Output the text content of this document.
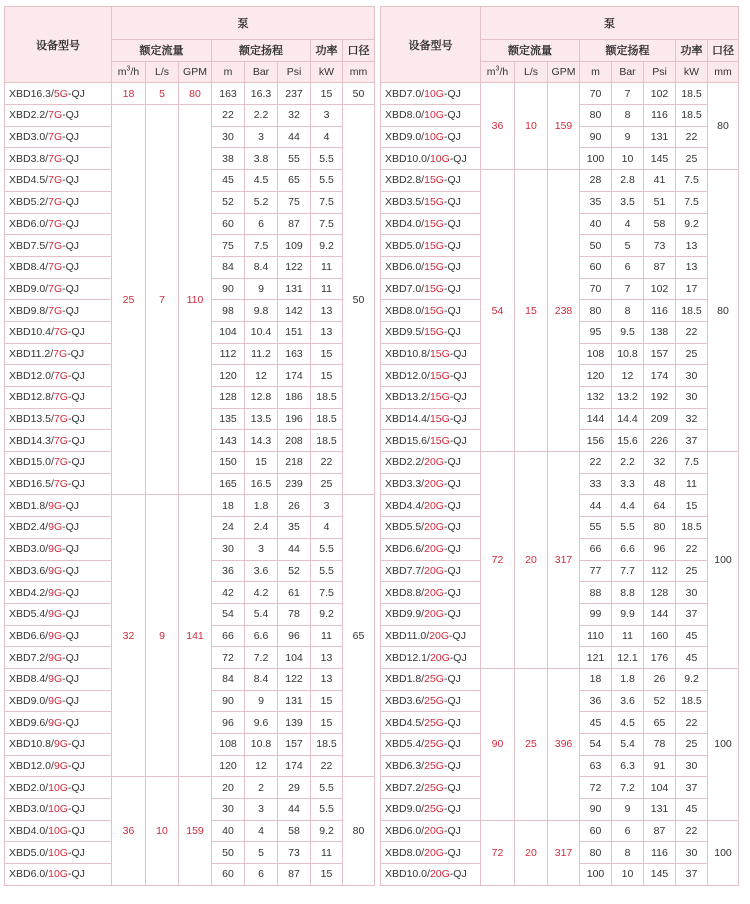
设备型号	泵							
	额定流量			额定扬程			功率	口径
	$m^3/h$	L/s	GPM	m	Bar	Psi	kW	mm
XBD16.3/5G-QJ	18	5	80	163	16.3	237	15	50
XBD2.2/7G-QJ	25	7	110	22	2.2	32	3	50
XBD3.0/7G-QJ				30	3	44	4	
XBD3.8/7G-QJ				38	3.8	55	5.5	
XBD4.5/7G-QJ				45	4.5	65	5.5	
XBD5.2/7G-QJ				52	5.2	75	7.5	
XBD6.0/7G-QJ				60	6	87	7.5	
XBD7.5/7G-QJ				75	7.5	109	9.2	
XBD8.4/7G-QJ				84	8.4	122	11	
XBD9.0/7G-QJ				90	9	131	11	
XBD9.8/7G-QJ				98	9.8	142	13	
XBD10.4/7G-QJ				104	10.4	151	13	
XBD11.2/7G-QJ				112	11.2	163	15	
XBD12.0/7G-QJ				120	12	174	15	
XBD12.8/7G-QJ				128	12.8	186	18.5	
XBD13.5/7G-QJ				135	13.5	196	18.5	
XBD14.3/7G-QJ				143	14.3	208	18.5	
XBD15.0/7G-QJ				150	15	218	22	
XBD16.5/7G-QJ				165	16.5	239	25	
XBD1.8/9G-QJ	32	9	141	18	1.8	26	3	65
XBD2.4/9G-QJ				24	2.4	35	4	
XBD3.0/9G-QJ				30	3	44	5.5	
XBD3.6/9G-QJ				36	3.6	52	5.5	
XBD4.2/9G-QJ				42	4.2	61	7.5	
XBD5.4/9G-QJ				54	5.4	78	9.2	
XBD6.6/9G-QJ				66	6.6	96	11	
XBD7.2/9G-QJ				72	7.2	104	13	
XBD8.4/9G-QJ				84	8.4	122	13	
XBD9.0/9G-QJ				90	9	131	15	
XBD9.6/9G-QJ				96	9.6	139	15	
XBD10.8/9G-QJ				108	10.8	157	18.5	
XBD12.0/9G-QJ				120	12	174	22	
XBD2.0/10G-QJ	36	10	159	20	2	29	5.5	80
XBD3.0/10G-QJ				30	3	44	5.5	
XBD4.0/10G-QJ				40	4	58	9.2	
XBD5.0/10G-QJ				50	5	73	11	
XBD6.0/10G-QJ				60	6	87	15	
设备型号	泵							
	额定流量			额定扬程			功率	口径
	$m^3/h$	L/s	GPM	m	Bar	Psi	kW	mm
XBD7.0/10G-QJ	36	10	159	70	7	102	18.5	80
XBD8.0/10G-QJ				80	8	116	18.5	
XBD9.0/10G-QJ				90	9	131	22	
XBD10.0/10G-QJ				100	10	145	25	
XBD2.8/15G-QJ	54	15	238	28	2.8	41	7.5	80
XBD3.5/15G-QJ				35	3.5	51	7.5	
XBD4.0/15G-QJ				40	4	58	9.2	
XBD5.0/15G-QJ				50	5	73	13	
XBD6.0/15G-QJ				60	6	87	13	
XBD7.0/15G-QJ				70	7	102	17	
XBD8.0/15G-QJ				80	8	116	18.5	
XBD9.5/15G-QJ				95	9.5	138	22	
XBD10.8/15G-QJ				108	10.8	157	25	
XBD12.0/15G-QJ				120	12	174	30	
XBD13.2/15G-QJ				132	13.2	192	30	
XBD14.4/15G-QJ				144	14.4	209	32	
XBD15.6/15G-QJ				156	15.6	226	37	
XBD2.2/20G-QJ	72	20	317	22	2.2	32	7.5	100
XBD3.3/20G-QJ				33	3.3	48	11	
XBD4.4/20G-QJ				44	4.4	64	15	
XBD5.5/20G-QJ				55	5.5	80	18.5	
XBD6.6/20G-QJ				66	6.6	96	22	
XBD7.7/20G-QJ				77	7.7	112	25	
XBD8.8/20G-QJ				88	8.8	128	30	
XBD9.9/20G-QJ				99	9.9	144	37	
XBD11.0/20G-QJ				110	11	160	45	
XBD12.1/20G-QJ				121	12.1	176	45	
XBD1.8/25G-QJ	90	25	396	18	1.8	26	9.2	100
XBD3.6/25G-QJ				36	3.6	52	18.5	
XBD4.5/25G-QJ				45	4.5	65	22	
XBD5.4/25G-QJ				54	5.4	78	25	
XBD6.3/25G-QJ				63	6.3	91	30	
XBD7.2/25G-QJ				72	7.2	104	37	
XBD9.0/25G-QJ				90	9	131	45	
XBD6.0/20G-QJ	72	20	317	60	6	87	22	100
XBD8.0/20G-QJ				80	8	116	30	
XBD10.0/20G-QJ				100	10	145	37	
